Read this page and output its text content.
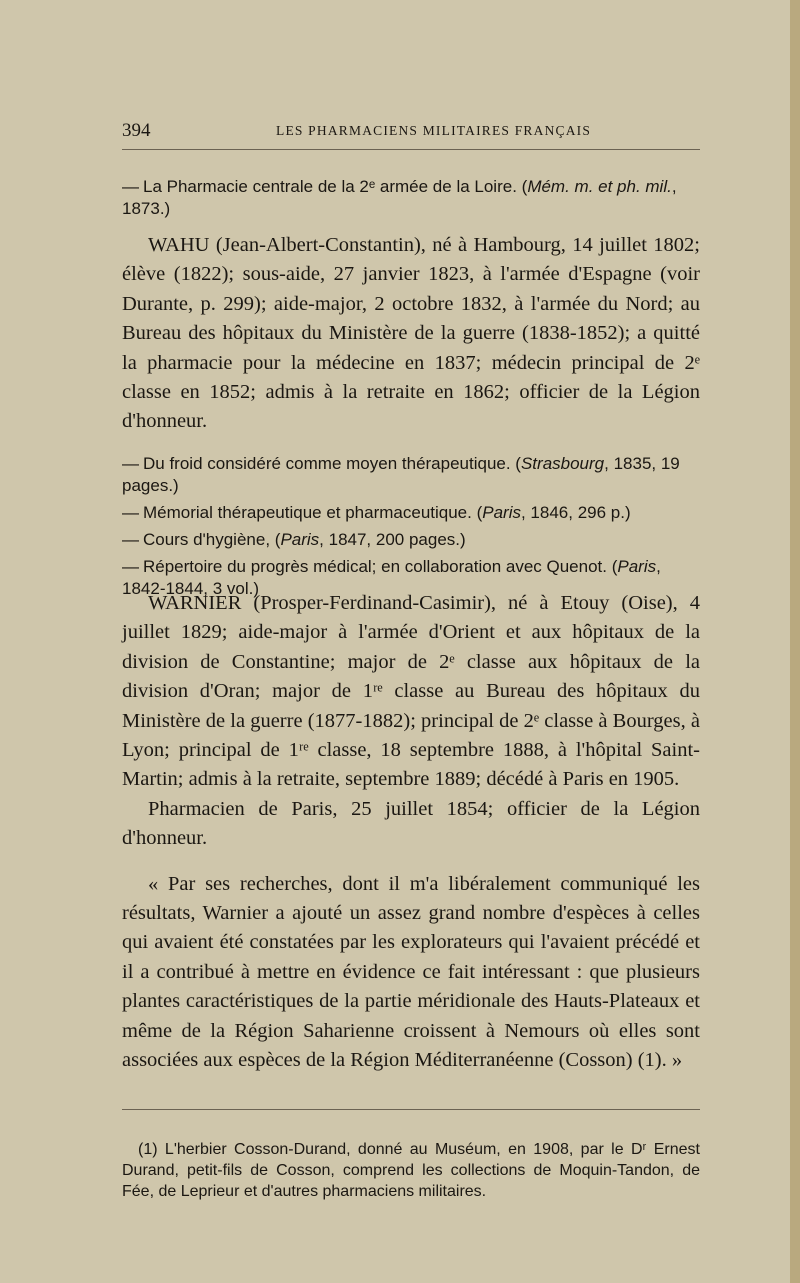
394	LES PHARMACIENS MILITAIRES FRANÇAIS

— La Pharmacie centrale de la 2ᵉ armée de la Loire. (Mém. m. et ph. mil., 1873.)

WAHU (Jean-Albert-Constantin), né à Hambourg, 14 juillet 1802; élève (1822); sous-aide, 27 janvier 1823, à l'armée d'Espagne (voir Durante, p. 299); aide-major, 2 octobre 1832, à l'armée du Nord; au Bureau des hôpitaux du Ministère de la guerre (1838-1852); a quitté la pharmacie pour la médecine en 1837; médecin principal de 2ᵉ classe en 1852; admis à la retraite en 1862; officier de la Légion d'honneur.

— Du froid considéré comme moyen thérapeutique. (Strasbourg, 1835, 19 pages.)

— Mémorial thérapeutique et pharmaceutique. (Paris, 1846, 296 p.)

— Cours d'hygiène, (Paris, 1847, 200 pages.)

— Répertoire du progrès médical; en collaboration avec Quenot. (Paris, 1842-1844, 3 vol.)

WARNIER (Prosper-Ferdinand-Casimir), né à Etouy (Oise), 4 juillet 1829; aide-major à l'armée d'Orient et aux hôpitaux de la division de Constantine; major de 2ᵉ classe aux hôpitaux de la division d'Oran; major de 1ʳᵉ classe au Bureau des hôpitaux du Ministère de la guerre (1877-1882); principal de 2ᵉ classe à Bourges, à Lyon; principal de 1ʳᵉ classe, 18 septembre 1888, à l'hôpital Saint-Martin; admis à la retraite, septembre 1889; décédé à Paris en 1905.

Pharmacien de Paris, 25 juillet 1854; officier de la Légion d'honneur.

« Par ses recherches, dont il m'a libéralement communiqué les résultats, Warnier a ajouté un assez grand nombre d'espèces à celles qui avaient été constatées par les explorateurs qui l'avaient précédé et il a contribué à mettre en évidence ce fait intéressant : que plusieurs plantes caractéristiques de la partie méridionale des Hauts-Plateaux et même de la Région Saharienne croissent à Nemours où elles sont associées aux espèces de la Région Méditerranéenne (Cosson) (1). »

(1) L'herbier Cosson-Durand, donné au Muséum, en 1908, par le Dʳ Ernest Durand, petit-fils de Cosson, comprend les collections de Moquin-Tandon, de Fée, de Leprieur et d'autres pharmaciens militaires.
